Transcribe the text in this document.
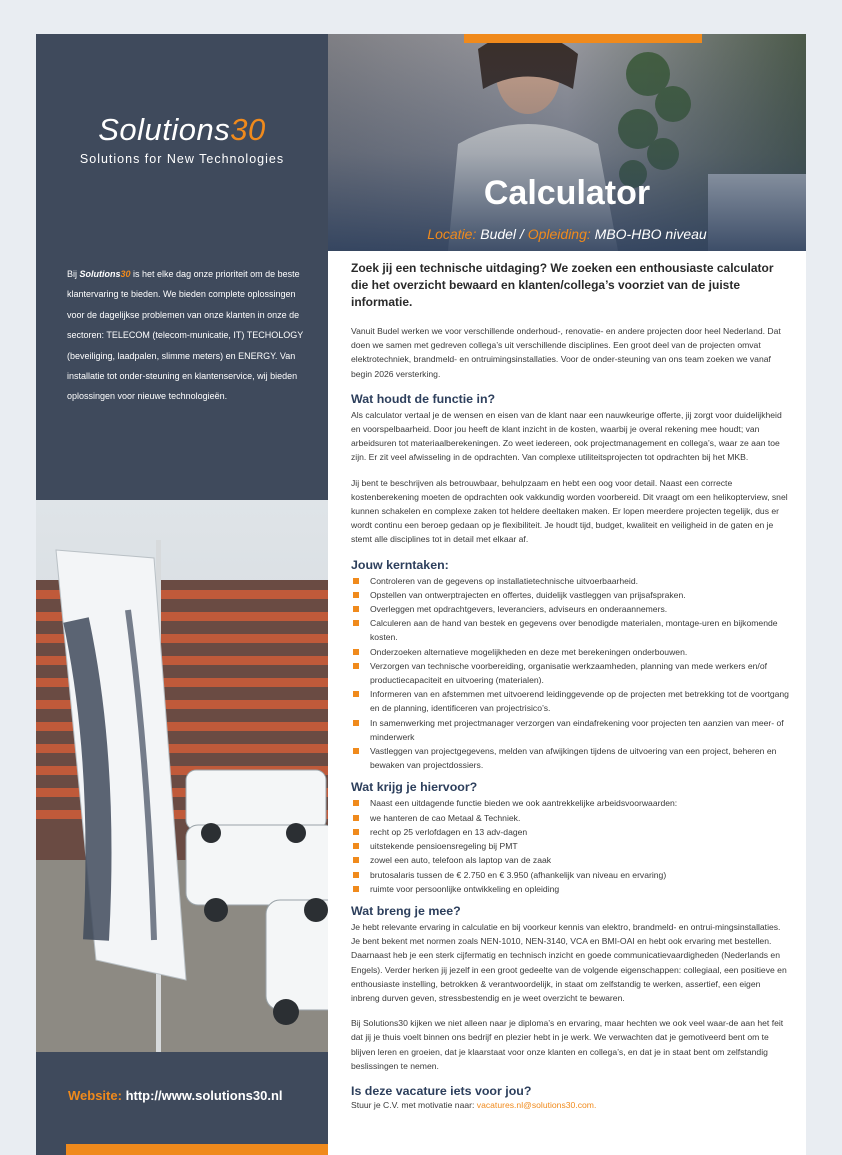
Solutions30
Solutions for New Technologies
Bij Solutions30 is het elke dag onze prioriteit om de beste klantervaring te bieden. We bieden complete oplossingen voor de dagelijkse problemen van onze klanten in onze de sectoren: TELECOM (telecom-municatie, IT) TECHOLOGY (beveiliging, laadpalen, slimme meters) en ENERGY. Van installatie tot onder-steuning en klantenservice, wij bieden oplossingen voor nieuwe technologieën.
Website: http://www.solutions30.nl
Calculator
Locatie: Budel / Opleiding: MBO-HBO niveau

Zoek jij een technische uitdaging? We zoeken een enthousiaste calculator die het overzicht bewaard en klanten/collega’s voorziet van de juiste informatie.

Vanuit Budel werken we voor verschillende onderhoud-, renovatie- en andere projecten door heel Nederland. Dat doen we samen met gedreven collega’s uit verschillende disciplines. Een groot deel van de projecten omvat elektrotechniek, brandmeld- en ontruimingsinstallaties. Voor de onder-steuning van ons team zoeken we vanaf begin 2026 versterking.

Wat houdt de functie in?

Als calculator vertaal je de wensen en eisen van de klant naar een nauwkeurige offerte, jij zorgt voor duidelijkheid en voorspelbaarheid. Door jou heeft de klant inzicht in de kosten, waarbij je overal rekening mee houdt; van arbeidsuren tot materiaalberekeningen. Zo weet iedereen, ook projectmanagement en collega’s, waar ze aan toe zijn. Er zit veel afwisseling in de opdrachten. Van complexe utiliteitsprojecten tot opdrachten bij het MKB.

Jij bent te beschrijven als betrouwbaar, behulpzaam en hebt een oog voor detail. Naast een correcte kostenberekening moeten de opdrachten ook vakkundig worden voorbereid. Dit vraagt om een helikopterview, snel kunnen schakelen en complexe zaken tot heldere deeltaken maken. Er lopen meerdere projecten tegelijk, dus er wordt continu een beroep gedaan op je flexibiliteit. Je houdt tijd, budget, kwaliteit en veiligheid in de gaten en je stemt alle disciplines tot in detail met elkaar af.

Jouw kerntaken:
Controleren van de gegevens op installatietechnische uitvoerbaarheid.
Opstellen van ontwerptrajecten en offertes, duidelijk vastleggen van prijsafspraken.
Overleggen met opdrachtgevers, leveranciers, adviseurs en onderaannemers.
Calculeren aan de hand van bestek en gegevens over benodigde materialen, montage-uren en bijkomende kosten.
Onderzoeken alternatieve mogelijkheden en deze met berekeningen onderbouwen.
Verzorgen van technische voorbereiding, organisatie werkzaamheden, planning van mede werkers en/of productiecapaciteit en uitvoering (materialen).
Informeren van en afstemmen met uitvoerend leidinggevende op de projecten met betrekking tot de voortgang en de planning, identificeren van projectrisico’s.
In samenwerking met projectmanager verzorgen van eindafrekening voor projecten ten aanzien van meer- of minderwerk
Vastleggen van projectgegevens, melden van afwijkingen tijdens de uitvoering van een project, beheren en bewaken van projectdossiers.
Wat krijg je hiervoor?
Naast een uitdagende functie bieden we ook aantrekkelijke arbeidsvoorwaarden:
we hanteren de cao Metaal & Techniek.
recht op 25 verlofdagen en 13 adv-dagen
uitstekende pensioensregeling bij PMT
zowel een auto, telefoon als laptop van de zaak
brutosalaris tussen de € 2.750 en € 3.950 (afhankelijk van niveau en ervaring)
ruimte voor persoonlijke ontwikkeling en opleiding
Wat breng je mee?

Je hebt relevante ervaring in calculatie en bij voorkeur kennis van elektro, brandmeld- en ontrui-mingsinstallaties. Je bent bekent met normen zoals NEN-1010, NEN-3140, VCA en BMI-OAI en hebt ook ervaring met bestellen. Daarnaast heb je een sterk cijfermatig en technisch inzicht en goede communicatievaardigheden (Nederlands en Engels). Verder herken jij jezelf in een groot gedeelte van de volgende eigenschappen: collegiaal, een positieve en enthousiaste instelling, betrokken & verantwoordelijk, in staat om zelfstandig te werken, assertief, een eigen inbreng durven geven, stressbestendig en je weet overzicht te bewaren.

Bij Solutions30 kijken we niet alleen naar je diploma’s en ervaring, maar hechten we ook veel waar-de aan het feit dat jij je thuis voelt binnen ons bedrijf en plezier hebt in je werk. We verwachten dat je gemotiveerd bent om te blijven leren en groeien, dat je klaarstaat voor onze klanten en collega’s, en dat je in staat bent om zelfstandig beslissingen te nemen.

Is deze vacature iets voor jou?
Stuur je C.V. met motivatie naar: vacatures.nl@solutions30.com.
